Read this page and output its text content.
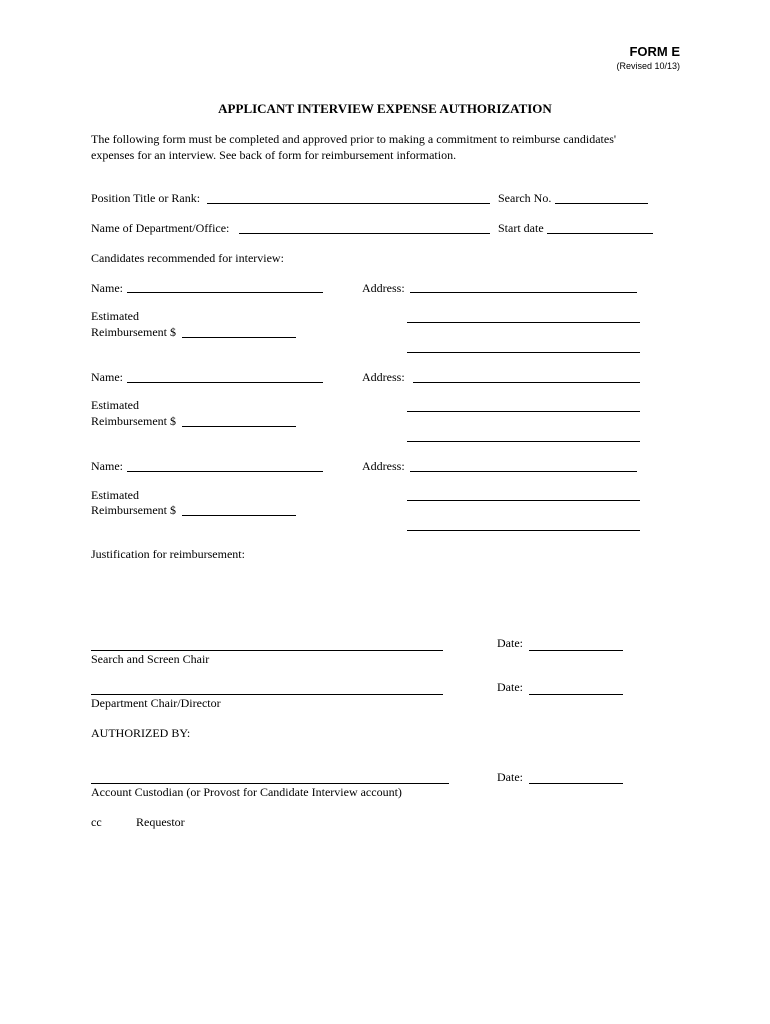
FORM E
(Revised 10/13)
APPLICANT INTERVIEW EXPENSE AUTHORIZATION
The following form must be completed and approved prior to making a commitment to reimburse candidates'
expenses for an interview. See back of form for reimbursement information.
Position Title or Rank:	Search No.
Name of Department/Office:	Start date
Candidates recommended for interview:
Name:	Address:
Estimated
Reimbursement $
Name:	Address:
Estimated
Reimbursement $
Name:	Address:
Estimated
Reimbursement $
Justification for reimbursement:
Search and Screen Chair
Date:
Department Chair/Director
Date:
AUTHORIZED BY:
Account Custodian (or Provost for Candidate Interview account)
Date:
cc	Requestor
